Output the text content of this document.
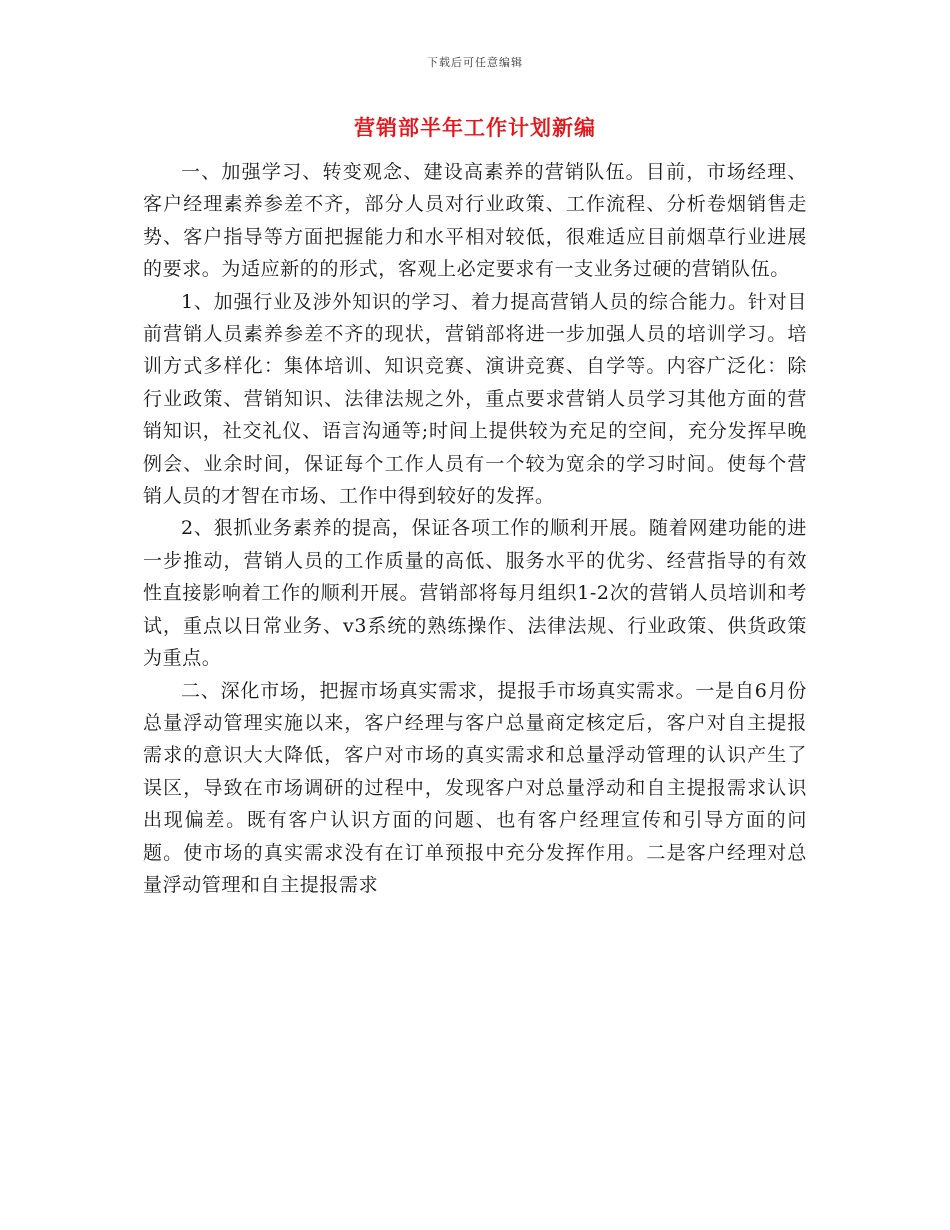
下载后可任意编辑
营销部半年工作计划新编

一、加强学习、转变观念、建设高素养的营销队伍。目前，市场经理、客户经理素养参差不齐，部分人员对行业政策、工作流程、分析卷烟销售走势、客户指导等方面把握能力和水平相对较低，很难适应目前烟草行业进展的要求。为适应新的的形式，客观上必定要求有一支业务过硬的营销队伍。

1、加强行业及涉外知识的学习、着力提高营销人员的综合能力。针对目前营销人员素养参差不齐的现状，营销部将进一步加强人员的培训学习。培训方式多样化：集体培训、知识竞赛、演讲竞赛、自学等。内容广泛化：除行业政策、营销知识、法律法规之外，重点要求营销人员学习其他方面的营销知识，社交礼仪、语言沟通等;时间上提供较为充足的空间，充分发挥早晚例会、业余时间，保证每个工作人员有一个较为宽余的学习时间。使每个营销人员的才智在市场、工作中得到较好的发挥。

2、狠抓业务素养的提高，保证各项工作的顺利开展。随着网建功能的进一步推动，营销人员的工作质量的高低、服务水平的优劣、经营指导的有效性直接影响着工作的顺利开展。营销部将每月组织1-2次的营销人员培训和考试，重点以日常业务、v3系统的熟练操作、法律法规、行业政策、供货政策为重点。

二、深化市场，把握市场真实需求，提报手市场真实需求。一是自6月份总量浮动管理实施以来，客户经理与客户总量商定核定后，客户对自主提报需求的意识大大降低，客户对市场的真实需求和总量浮动管理的认识产生了误区，导致在市场调研的过程中，发现客户对总量浮动和自主提报需求认识出现偏差。既有客户认识方面的问题、也有客户经理宣传和引导方面的问题。使市场的真实需求没有在订单预报中充分发挥作用。二是客户经理对总量浮动管理和自主提报需求
